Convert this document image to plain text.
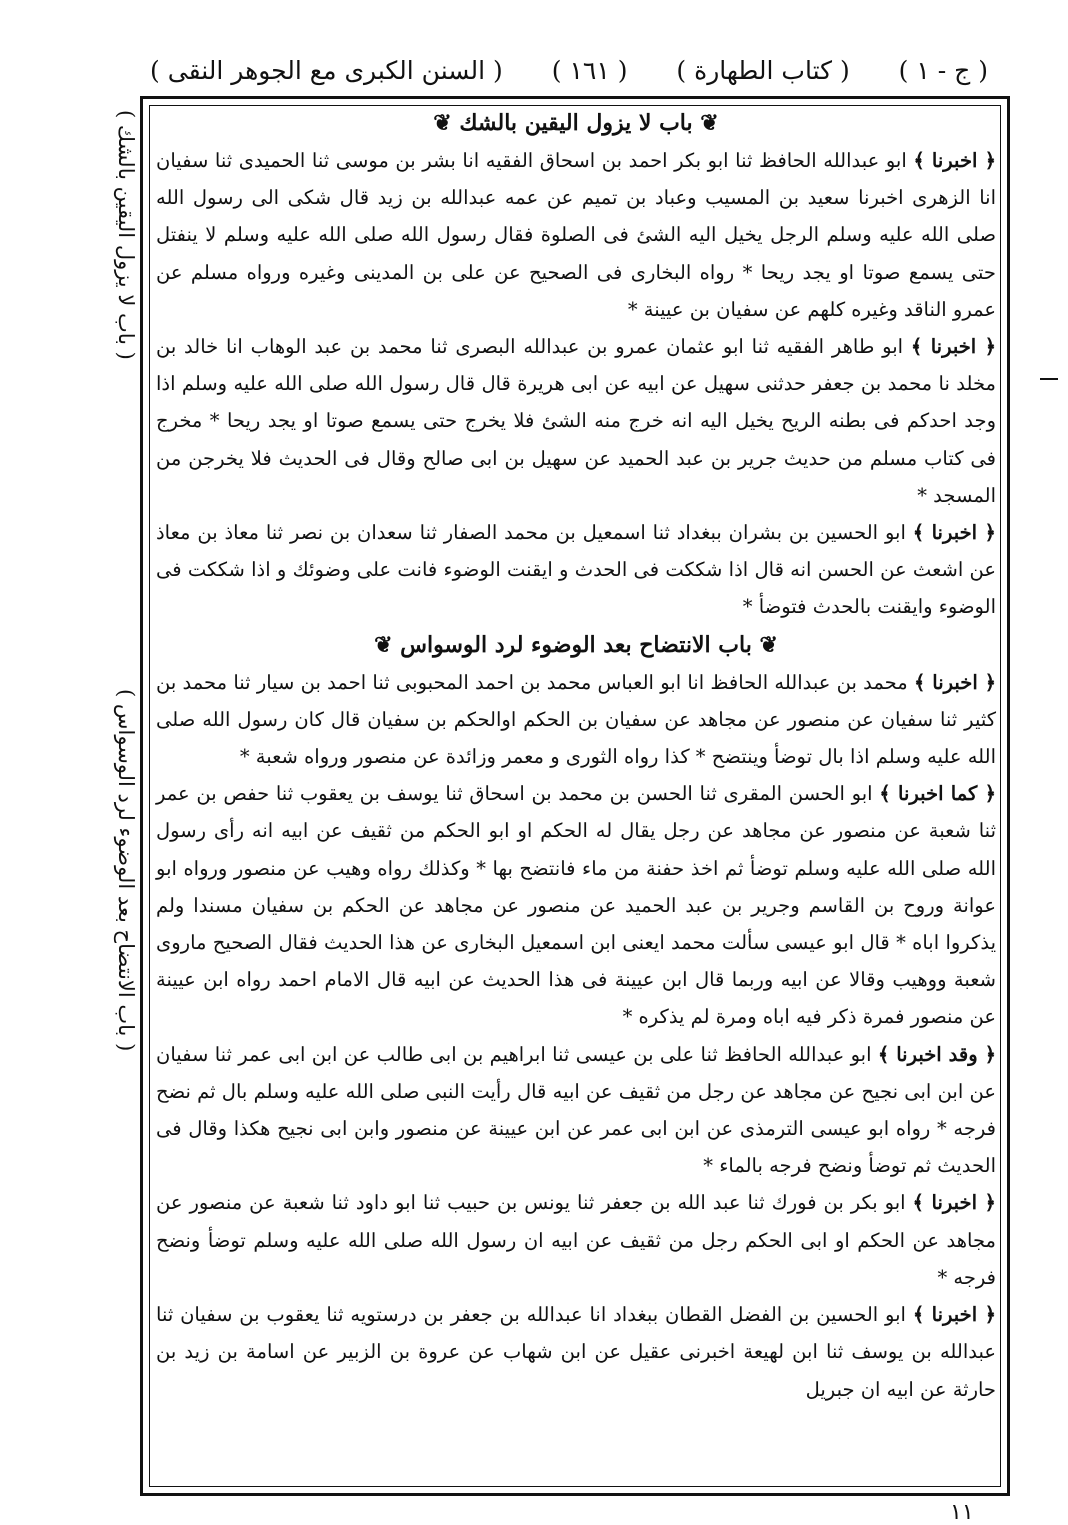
( السنن الكبرى مع الجوهر النقى ) ( ١٦١ ) ( كتاب الطهارة ) ( ج - ١ )
( باب لا يزول اليقين بالشك )
( باب الانتضاح بعد الوضوء لرد الوسواس )
❦ باب لا يزول اليقين بالشك ❦

﴿ اخبرنا ﴾ ابو عبدالله الحافظ ثنا ابو بكر احمد بن اسحاق الفقيه انا بشر بن موسى ثنا الحميدى ثنا سفيان انا الزهرى اخبرنا سعيد بن المسيب وعباد بن تميم عن عمه عبدالله بن زيد قال شكى الى رسول الله صلى الله عليه وسلم الرجل يخيل اليه الشئ فى الصلوة فقال رسول الله صلى الله عليه وسلم لا ينفتل حتى يسمع صوتا او يجد ريحا * رواه البخارى فى الصحيح عن على بن المدينى وغيره ورواه مسلم عن عمرو الناقد وغيره كلهم عن سفيان بن عيينة *

﴿ اخبرنا ﴾ ابو طاهر الفقيه ثنا ابو عثمان عمرو بن عبدالله البصرى ثنا محمد بن عبد الوهاب انا خالد بن مخلد نا محمد بن جعفر حدثنى سهيل عن ابيه عن ابى هريرة قال قال رسول الله صلى الله عليه وسلم اذا وجد احدكم فى بطنه الريح يخيل اليه انه خرج منه الشئ فلا يخرج حتى يسمع صوتا او يجد ريحا * مخرج فى كتاب مسلم من حديث جرير بن عبد الحميد عن سهيل بن ابى صالح وقال فى الحديث فلا يخرجن من المسجد *

﴿ اخبرنا ﴾ ابو الحسين بن بشران ببغداد ثنا اسمعيل بن محمد الصفار ثنا سعدان بن نصر ثنا معاذ بن معاذ عن اشعث عن الحسن انه قال اذا شككت فى الحدث و ايقنت الوضوء فانت على وضوئك و اذا شككت فى الوضوء وايقنت بالحدث فتوضأ *

❦ باب الانتضاح بعد الوضوء لرد الوسواس ❦

﴿ اخبرنا ﴾ محمد بن عبدالله الحافظ انا ابو العباس محمد بن احمد المحبوبى ثنا احمد بن سيار ثنا محمد بن كثير ثنا سفيان عن منصور عن مجاهد عن سفيان بن الحكم اوالحكم بن سفيان قال كان رسول الله صلى الله عليه وسلم اذا بال توضأ وينتضح * كذا رواه الثورى و معمر وزائدة عن منصور ورواه شعبة *

﴿ كما اخبرنا ﴾ ابو الحسن المقرى ثنا الحسن بن محمد بن اسحاق ثنا يوسف بن يعقوب ثنا حفص بن عمر ثنا شعبة عن منصور عن مجاهد عن رجل يقال له الحكم او ابو الحكم من ثقيف عن ابيه انه رأى رسول الله صلى الله عليه وسلم توضأ ثم اخذ حفنة من ماء فانتضح بها * وكذلك رواه وهيب عن منصور ورواه ابو عوانة وروح بن القاسم وجرير بن عبد الحميد عن منصور عن مجاهد عن الحكم بن سفيان مسندا ولم يذكروا اباه * قال ابو عيسى سألت محمد ايعنى ابن اسمعيل البخارى عن هذا الحديث فقال الصحيح ماروى شعبة ووهيب وقالا عن ابيه وربما قال ابن عيينة فى هذا الحديث عن ابيه قال الامام احمد رواه ابن عيينة عن منصور فمرة ذكر فيه اباه ومرة لم يذكره *

﴿ وقد اخبرنا ﴾ ابو عبدالله الحافظ ثنا على بن عيسى ثنا ابراهيم بن ابى طالب عن ابن ابى عمر ثنا سفيان عن ابن ابى نجيح عن مجاهد عن رجل من ثقيف عن ابيه قال رأيت النبى صلى الله عليه وسلم بال ثم نضح فرجه * رواه ابو عيسى الترمذى عن ابن ابى عمر عن ابن عيينة عن منصور وابن ابى نجيح هكذا وقال فى الحديث ثم توضأ ونضح فرجه بالماء *

﴿ اخبرنا ﴾ ابو بكر بن فورك ثنا عبد الله بن جعفر ثنا يونس بن حبيب ثنا ابو داود ثنا شعبة عن منصور عن مجاهد عن الحكم او ابى الحكم رجل من ثقيف عن ابيه ان رسول الله صلى الله عليه وسلم توضأ ونضح فرجه *

﴿ اخبرنا ﴾ ابو الحسين بن الفضل القطان ببغداد انا عبدالله بن جعفر بن درستويه ثنا يعقوب بن سفيان ثنا عبدالله بن يوسف ثنا ابن لهيعة اخبرنى عقيل عن ابن شهاب عن عروة بن الزبير عن اسامة بن زيد بن حارثة عن ابيه ان جبريل

١١
